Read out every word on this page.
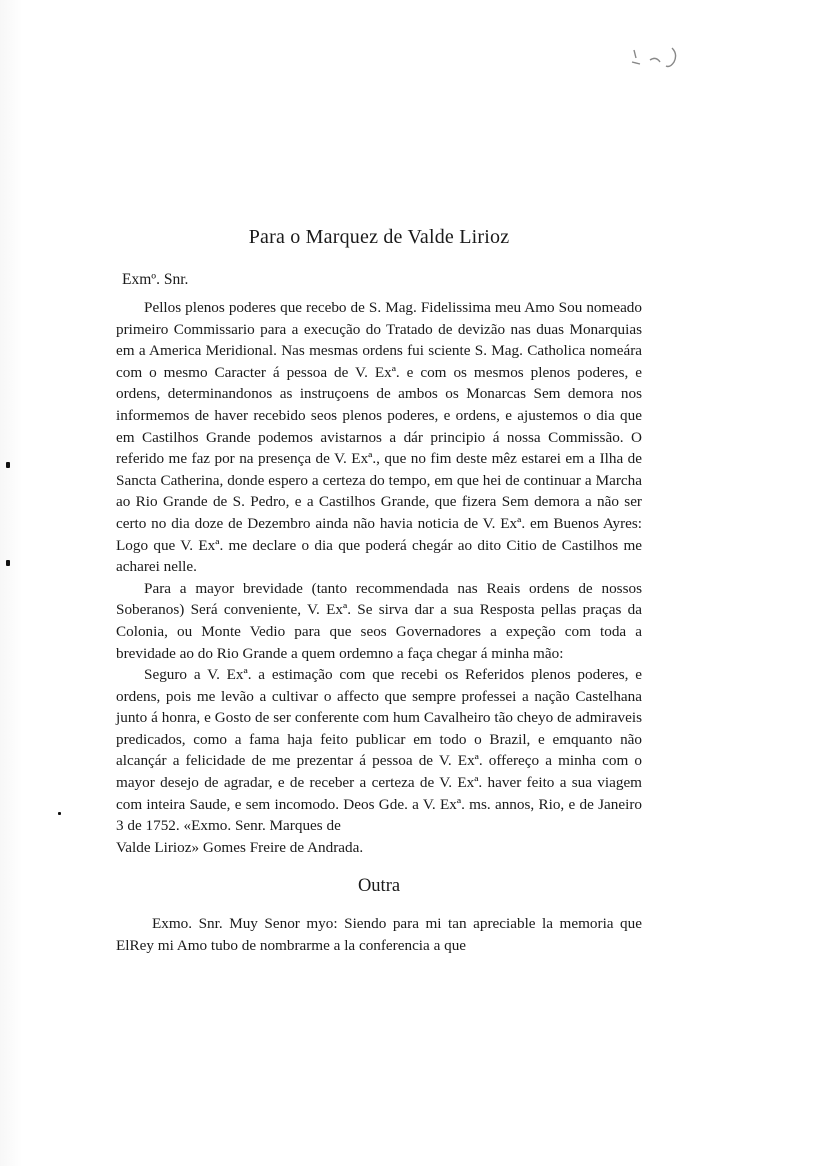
Para o Marquez de Valde Lirioz
Exmº. Snr.

Pellos plenos poderes que recebo de S. Mag. Fidelissima meu Amo Sou nomeado primeiro Commissario para a execução do Tratado de devizão nas duas Monarquias em a America Meridional. Nas mesmas ordens fui sciente S. Mag. Catholica nomeára com o mesmo Caracter á pessoa de V. Exª. e com os mesmos plenos poderes, e ordens, determinandonos as instruçoens de ambos os Monarcas Sem demora nos informemos de haver recebido seos plenos poderes, e ordens, e ajustemos o dia que em Castilhos Grande podemos avistarnos a dár principio á nossa Commissão. O referido me faz por na presença de V. Exª., que no fim deste mêz estarei em a Ilha de Sancta Catherina, donde espero a certeza do tempo, em que hei de continuar a Marcha ao Rio Grande de S. Pedro, e a Castilhos Grande, que fizera Sem demora a não ser certo no dia doze de Dezembro ainda não havia noticia de V. Exª. em Buenos Ayres: Logo que V. Exª. me declare o dia que poderá chegár ao dito Citio de Castilhos me acharei nelle.

Para a mayor brevidade (tanto recommendada nas Reais ordens de nossos Soberanos) Será conveniente, V. Exª. Se sirva dar a sua Resposta pellas praças da Colonia, ou Monte Vedio para que seos Governadores a expeção com toda a brevidade ao do Rio Grande a quem ordemno a faça chegar á minha mão:

Seguro a V. Exª. a estimação com que recebi os Referidos plenos poderes, e ordens, pois me levão a cultivar o affecto que sempre professei a nação Castelhana junto á honra, e Gosto de ser conferente com hum Cavalheiro tão cheyo de admiraveis predicados, como a fama haja feito publicar em todo o Brazil, e emquanto não alcançár a felicidade de me prezentar á pessoa de V. Exª. offereço a minha com o mayor desejo de agradar, e de receber a certeza de V. Exª. haver feito a sua viagem com inteira Saude, e sem incomodo. Deos Gde. a V. Exª. ms. annos, Rio, e de Janeiro 3 de 1752. «Exmo. Senr. Marques de

Valde Lirioz» Gomes Freire de Andrada.

Outra

Exmo. Snr. Muy Senor myo: Siendo para mi tan apreciable la memoria que ElRey mi Amo tubo de nombrarme a la conferencia a que
